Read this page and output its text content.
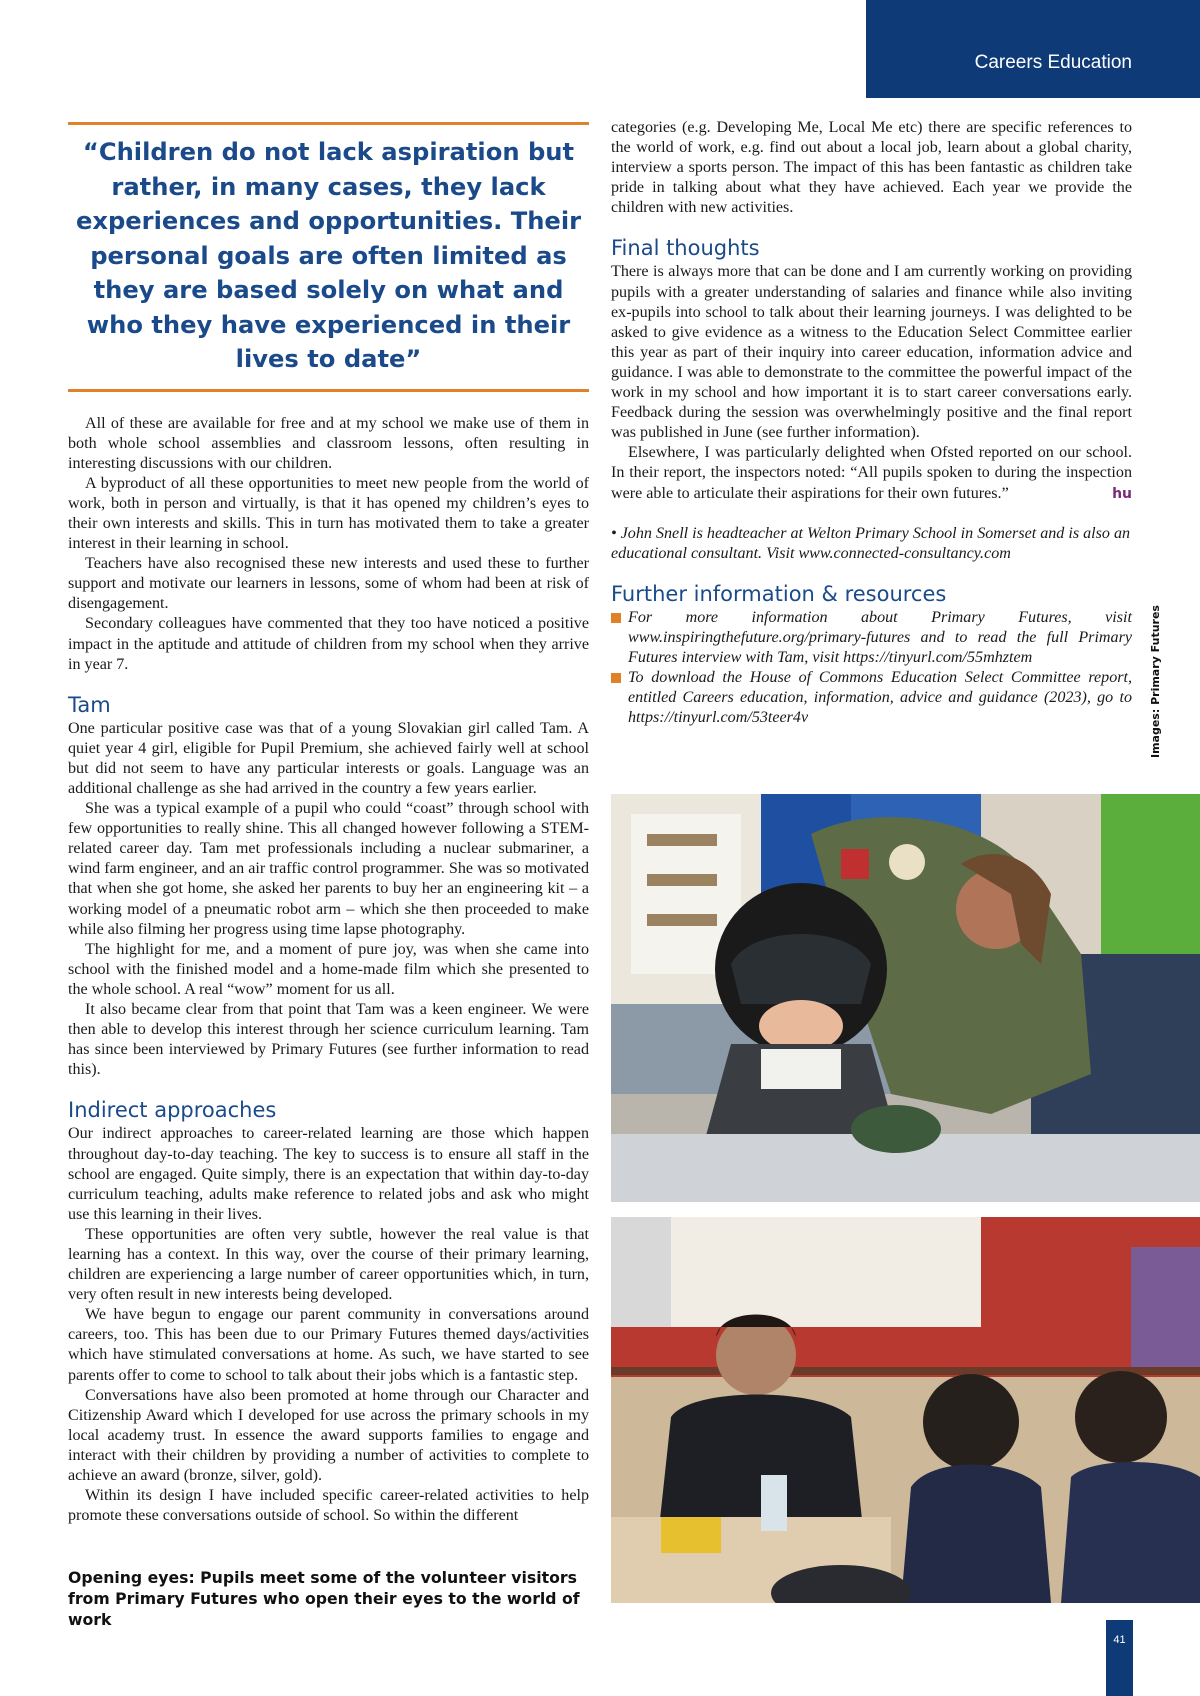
Careers Education

“Children do not lack aspiration but rather, in many cases, they lack experiences and opportunities. Their personal goals are often limited as they are based solely on what and who they have experienced in their lives to date”

All of these are available for free and at my school we make use of them in both whole school assemblies and classroom lessons, often resulting in interesting discussions with our children.

A byproduct of all these opportunities to meet new people from the world of work, both in person and virtually, is that it has opened my children’s eyes to their own interests and skills. This in turn has motivated them to take a greater interest in their learning in school.

Teachers have also recognised these new interests and used these to further support and motivate our learners in lessons, some of whom had been at risk of disengagement.

Secondary colleagues have commented that they too have noticed a positive impact in the aptitude and attitude of children from my school when they arrive in year 7.

Tam

One particular positive case was that of a young Slovakian girl called Tam. A quiet year 4 girl, eligible for Pupil Premium, she achieved fairly well at school but did not seem to have any particular interests or goals. Language was an additional challenge as she had arrived in the country a few years earlier.

She was a typical example of a pupil who could “coast” through school with few opportunities to really shine. This all changed however following a STEM-related career day. Tam met professionals including a nuclear submariner, a wind farm engineer, and an air traffic control programmer. She was so motivated that when she got home, she asked her parents to buy her an engineering kit – a working model of a pneumatic robot arm – which she then proceeded to make while also filming her progress using time lapse photography.

The highlight for me, and a moment of pure joy, was when she came into school with the finished model and a home-made film which she presented to the whole school. A real “wow” moment for us all.

It also became clear from that point that Tam was a keen engineer. We were then able to develop this interest through her science curriculum learning. Tam has since been interviewed by Primary Futures (see further information to read this).

Indirect approaches

Our indirect approaches to career-related learning are those which happen throughout day-to-day teaching. The key to success is to ensure all staff in the school are engaged. Quite simply, there is an expectation that within day-to-day curriculum teaching, adults make reference to related jobs and ask who might use this learning in their lives.

These opportunities are often very subtle, however the real value is that learning has a context. In this way, over the course of their primary learning, children are experiencing a large number of career opportunities which, in turn, very often result in new interests being developed.

We have begun to engage our parent community in conversations around careers, too. This has been due to our Primary Futures themed days/activities which have stimulated conversations at home. As such, we have started to see parents offer to come to school to talk about their jobs which is a fantastic step.

Conversations have also been promoted at home through our Character and Citizenship Award which I developed for use across the primary schools in my local academy trust. In essence the award supports families to engage and interact with their children by providing a number of activities to complete to achieve an award (bronze, silver, gold).

Within its design I have included specific career-related activities to help promote these conversations outside of school. So within the different

Opening eyes: Pupils meet some of the volunteer visitors from Primary Futures who open their eyes to the world of work

categories (e.g. Developing Me, Local Me etc) there are specific references to the world of work, e.g. find out about a local job, learn about a global charity, interview a sports person. The impact of this has been fantastic as children take pride in talking about what they have achieved. Each year we provide the children with new activities.

Final thoughts

There is always more that can be done and I am currently working on providing pupils with a greater understanding of salaries and finance while also inviting ex-pupils into school to talk about their learning journeys. I was delighted to be asked to give evidence as a witness to the Education Select Committee earlier this year as part of their inquiry into career education, information advice and guidance. I was able to demonstrate to the committee the powerful impact of the work in my school and how important it is to start career conversations early. Feedback during the session was overwhelmingly positive and the final report was published in June (see further information).

Elsewhere, I was particularly delighted when Ofsted reported on our school. In their report, the inspectors noted: “All pupils spoken to during the inspection were able to articulate their aspirations for their own futures.”	hu

• John Snell is headteacher at Welton Primary School in Somerset and is also an educational consultant. Visit www.connected-consultancy.com

Further information & resources
For more information about Primary Futures, visit www.inspiringthefuture.org/primary-futures and to read the full Primary Futures interview with Tam, visit https://tinyurl.com/55mhztem
To download the House of Commons Education Select Committee report, entitled Careers education, information, advice and guidance (2023), go to https://tinyurl.com/53teer4v	Images: Primary Futures
41
